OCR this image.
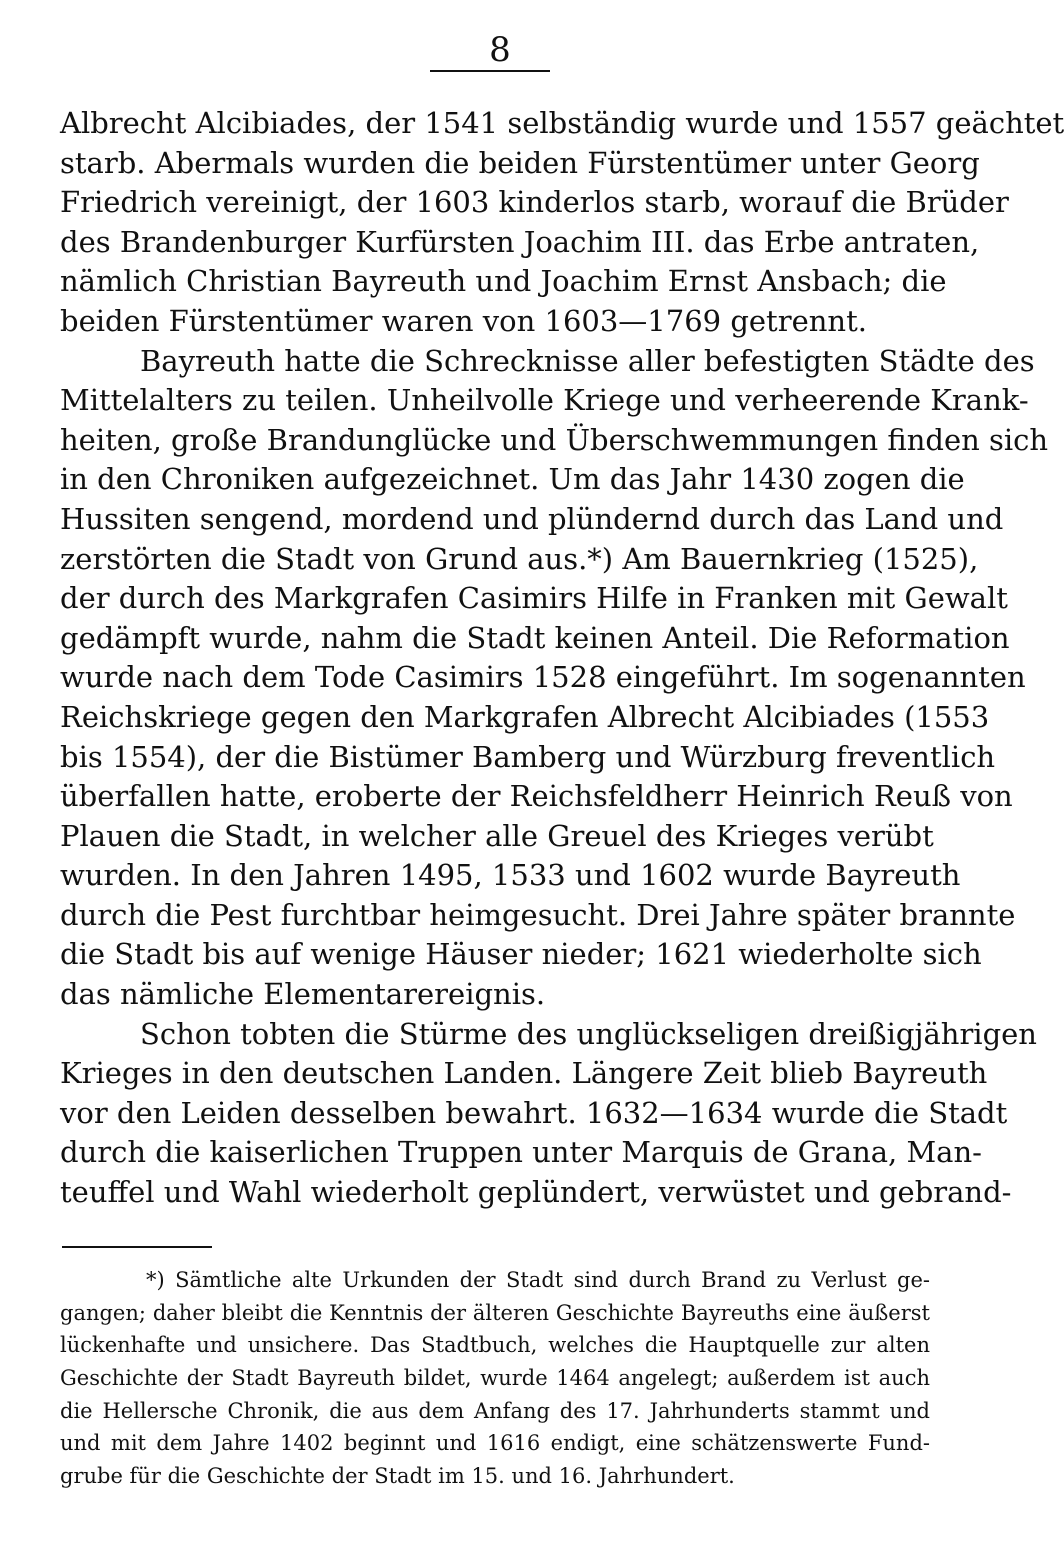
8
Albrecht Alcibiades, der 1541 selbständig wurde und 1557 geächtet
starb. Abermals wurden die beiden Fürstentümer unter Georg
Friedrich vereinigt, der 1603 kinderlos starb, worauf die Brüder
des Brandenburger Kurfürsten Joachim III. das Erbe antraten,
nämlich Christian Bayreuth und Joachim Ernst Ansbach; die
beiden Fürstentümer waren von 1603—1769 getrennt.
Bayreuth hatte die Schrecknisse aller befestigten Städte des
Mittelalters zu teilen. Unheilvolle Kriege und verheerende Krank-
heiten, große Brandunglücke und Überschwemmungen finden sich
in den Chroniken aufgezeichnet. Um das Jahr 1430 zogen die
Hussiten sengend, mordend und plündernd durch das Land und
zerstörten die Stadt von Grund aus.*) Am Bauernkrieg (1525),
der durch des Markgrafen Casimirs Hilfe in Franken mit Gewalt
gedämpft wurde, nahm die Stadt keinen Anteil. Die Reformation
wurde nach dem Tode Casimirs 1528 eingeführt. Im sogenannten
Reichskriege gegen den Markgrafen Albrecht Alcibiades (1553
bis 1554), der die Bistümer Bamberg und Würzburg freventlich
überfallen hatte, eroberte der Reichsfeldherr Heinrich Reuß von
Plauen die Stadt, in welcher alle Greuel des Krieges verübt
wurden. In den Jahren 1495, 1533 und 1602 wurde Bayreuth
durch die Pest furchtbar heimgesucht. Drei Jahre später brannte
die Stadt bis auf wenige Häuser nieder; 1621 wiederholte sich
das nämliche Elementarereignis.
Schon tobten die Stürme des unglückseligen dreißigjährigen
Krieges in den deutschen Landen. Längere Zeit blieb Bayreuth
vor den Leiden desselben bewahrt. 1632—1634 wurde die Stadt
durch die kaiserlichen Truppen unter Marquis de Grana, Man-
teuffel und Wahl wiederholt geplündert, verwüstet und gebrand-
*) Sämtliche alte Urkunden der Stadt sind durch Brand zu Verlust ge-
gangen; daher bleibt die Kenntnis der älteren Geschichte Bayreuths eine äußerst
lückenhafte und unsichere. Das Stadtbuch, welches die Hauptquelle zur alten
Geschichte der Stadt Bayreuth bildet, wurde 1464 angelegt; außerdem ist auch
die Hellersche Chronik, die aus dem Anfang des 17. Jahrhunderts stammt und
und mit dem Jahre 1402 beginnt und 1616 endigt, eine schätzenswerte Fund-
grube für die Geschichte der Stadt im 15. und 16. Jahrhundert.
